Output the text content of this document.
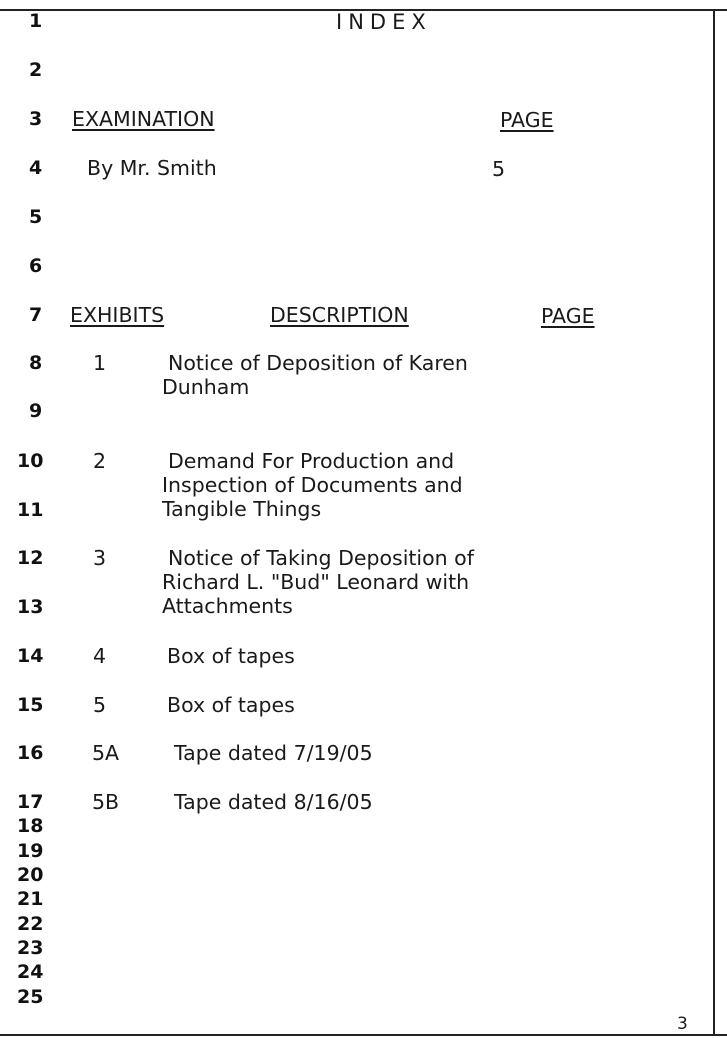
1
2
3
4
5
6
7
8
9
10
11
12
13
14
15
16
17
18
19
20
21
22
23
24
25
INDEX
EXAMINATION	PAGE
By Mr. Smith	5
EXHIBITS	DESCRIPTION	PAGE
1	Notice of Deposition of Karen
Dunham
2	Demand For Production and
Inspection of Documents and
Tangible Things
3	Notice of Taking Deposition of
Richard L. "Bud" Leonard with
Attachments
4	Box of tapes
5	Box of tapes
5A	Tape dated 7/19/05
5B	Tape dated 8/16/05
3
